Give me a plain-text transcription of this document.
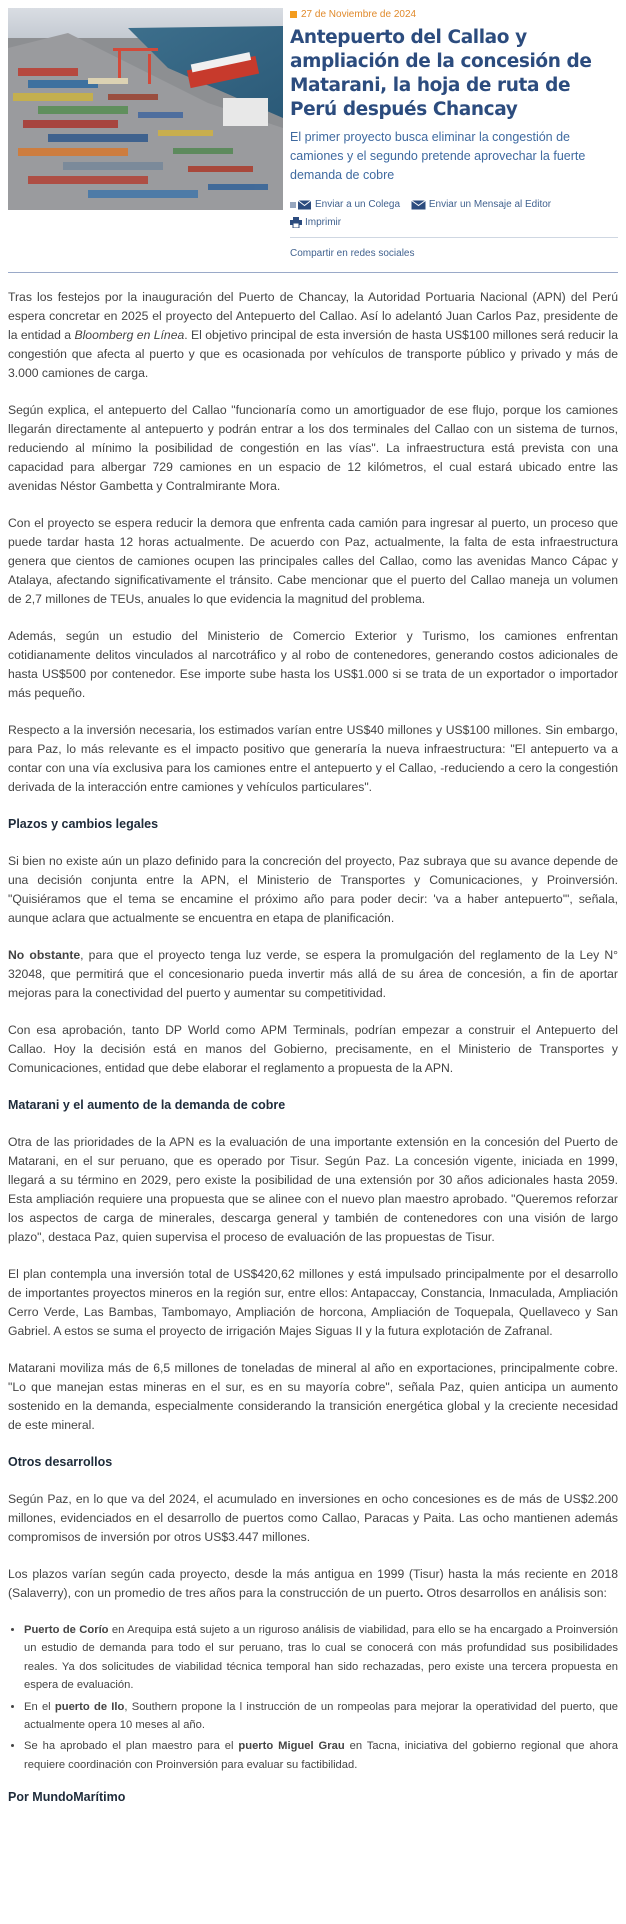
27 de Noviembre de 2024
Antepuerto del Callao y ampliación de la concesión de Matarani, la hoja de ruta de Perú después Chancay
El primer proyecto busca eliminar la congestión de camiones y el segundo pretende aprovechar la fuerte demanda de cobre
Enviar a un Colega
	Enviar un Mensaje al Editor

Imprimir
Compartir en redes sociales

Tras los festejos por la inauguración del Puerto de Chancay, la Autoridad Portuaria Nacional (APN) del Perú espera concretar en 2025 el proyecto del Antepuerto del Callao. Así lo adelantó Juan Carlos Paz, presidente de la entidad a Bloomberg en Línea. El objetivo principal de esta inversión de hasta US$100 millones será reducir la congestión que afecta al puerto y que es ocasionada por vehículos de transporte público y privado y más de 3.000 camiones de carga.

Según explica, el antepuerto del Callao "funcionaría como un amortiguador de ese flujo, porque los camiones llegarán directamente al antepuerto y podrán entrar a los dos terminales del Callao con un sistema de turnos, reduciendo al mínimo la posibilidad de congestión en las vías". La infraestructura está prevista con una capacidad para albergar 729 camiones en un espacio de 12 kilómetros, el cual estará ubicado entre las avenidas Néstor Gambetta y Contralmirante Mora.

Con el proyecto se espera reducir la demora que enfrenta cada camión para ingresar al puerto, un proceso que puede tardar hasta 12 horas actualmente. De acuerdo con Paz, actualmente, la falta de esta infraestructura genera que cientos de camiones ocupen las principales calles del Callao, como las avenidas Manco Cápac y Atalaya, afectando significativamente el tránsito. Cabe mencionar que el puerto del Callao maneja un volumen de 2,7 millones de TEUs, anuales lo que evidencia la magnitud del problema.

Además, según un estudio del Ministerio de Comercio Exterior y Turismo, los camiones enfrentan cotidianamente delitos vinculados al narcotráfico y al robo de contenedores, generando costos adicionales de hasta US$500 por contenedor. Ese importe sube hasta los US$1.000 si se trata de un exportador o importador más pequeño.

Respecto a la inversión necesaria, los estimados varían entre US$40 millones y US$100 millones. Sin embargo, para Paz, lo más relevante es el impacto positivo que generaría la nueva infraestructura: "El antepuerto va a contar con una vía exclusiva para los camiones entre el antepuerto y el Callao, -reduciendo a cero la congestión derivada de la interacción entre camiones y vehículos particulares".

Plazos y cambios legales

Si bien no existe aún un plazo definido para la concreción del proyecto, Paz subraya que su avance depende de una decisión conjunta entre la APN, el Ministerio de Transportes y Comunicaciones, y Proinversión. "Quisiéramos que el tema se encamine el próximo año para poder decir: 'va a haber antepuerto'", señala, aunque aclara que actualmente se encuentra en etapa de planificación.

No obstante, para que el proyecto tenga luz verde, se espera la promulgación del reglamento de la Ley N° 32048, que permitirá que el concesionario pueda invertir más allá de su área de concesión, a fin de aportar mejoras para la conectividad del puerto y aumentar su competitividad.

Con esa aprobación, tanto DP World como APM Terminals, podrían empezar a construir el Antepuerto del Callao. Hoy la decisión está en manos del Gobierno, precisamente, en el Ministerio de Transportes y Comunicaciones, entidad que debe elaborar el reglamento a propuesta de la APN.

Matarani y el aumento de la demanda de cobre

Otra de las prioridades de la APN es la evaluación de una importante extensión en la concesión del Puerto de Matarani, en el sur peruano, que es operado por Tisur. Según Paz. La concesión vigente, iniciada en 1999, llegará a su término en 2029, pero existe la posibilidad de una extensión por 30 años adicionales hasta 2059. Esta ampliación requiere una propuesta que se alinee con el nuevo plan maestro aprobado. "Queremos reforzar los aspectos de carga de minerales, descarga general y también de contenedores con una visión de largo plazo", destaca Paz, quien supervisa el proceso de evaluación de las propuestas de Tisur.

El plan contempla una inversión total de US$420,62 millones y está impulsado principalmente por el desarrollo de importantes proyectos mineros en la región sur, entre ellos: Antapaccay, Constancia, Inmaculada, Ampliación Cerro Verde, Las Bambas, Tambomayo, Ampliación de horcona, Ampliación de Toquepala, Quellaveco y San Gabriel. A estos se suma el proyecto de irrigación Majes Siguas II y la futura explotación de Zafranal.

Matarani moviliza más de 6,5 millones de toneladas de mineral al año en exportaciones, principalmente cobre. "Lo que manejan estas mineras en el sur, es en su mayoría cobre", señala Paz, quien anticipa un aumento sostenido en la demanda, especialmente considerando la transición energética global y la creciente necesidad de este mineral.

Otros desarrollos

Según Paz, en lo que va del 2024, el acumulado en inversiones en ocho concesiones es de más de US$2.200 millones, evidenciados en el desarrollo de puertos como Callao, Paracas y Paita. Las ocho mantienen además compromisos de inversión por otros US$3.447 millones.

Los plazos varían según cada proyecto, desde la más antigua en 1999 (Tisur) hasta la más reciente en 2018 (Salaverry), con un promedio de tres años para la construcción de un puerto. Otros desarrollos en análisis son:

• Puerto de Corío en Arequipa está sujeto a un riguroso análisis de viabilidad, para ello se ha encargado a Proinversión un estudio de demanda para todo el sur peruano, tras lo cual se conocerá con más profundidad sus posibilidades reales. Ya dos solicitudes de viabilidad técnica temporal han sido rechazadas, pero existe una tercera propuesta en espera de evaluación.
• En el puerto de Ilo, Southern propone la l instrucción de un rompeolas para mejorar la operatividad del puerto, que actualmente opera 10 meses al año.
• Se ha aprobado el plan maestro para el puerto Miguel Grau en Tacna, iniciativa del gobierno regional que ahora requiere coordinación con Proinversión para evaluar su factibilidad.

Por MundoMarítimo
